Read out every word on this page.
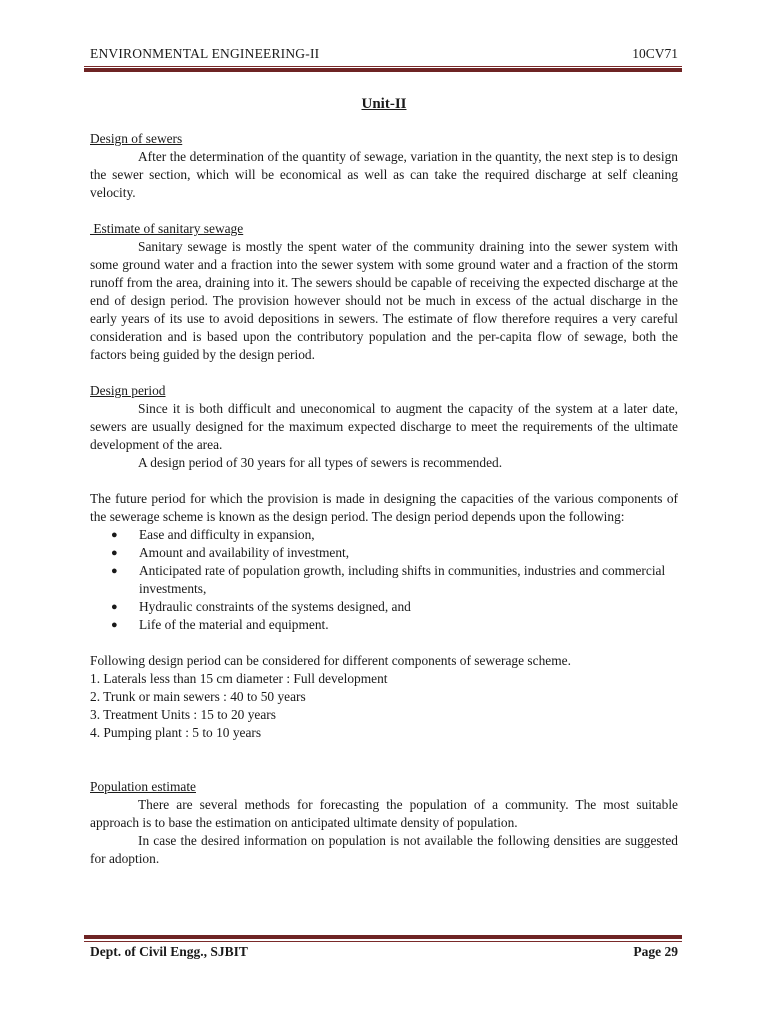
ENVIRONMENTAL ENGINEERING-II	10CV71
Unit-II

Design of sewers

After the determination of the quantity of sewage, variation in the quantity, the next step is to design the sewer section, which will be economical as well as can take the required discharge at self cleaning velocity.

Estimate of sanitary sewage

Sanitary sewage is mostly the spent water of the community draining into the sewer system with some ground water and a fraction into the sewer system with some ground water and a fraction of the storm runoff from the area, draining into it. The sewers should be capable of receiving the expected discharge at the end of design period. The provision however should not be much in excess of the actual discharge in the early years of its use to avoid depositions in sewers. The estimate of flow therefore requires a very careful consideration and is based upon the contributory population and the per-capita flow of sewage, both the factors being guided by the design period.

Design period

Since it is both difficult and uneconomical to augment the capacity of the system at a later date, sewers are usually designed for the maximum expected discharge to meet the requirements of the ultimate development of the area.

A design period of 30 years for all types of sewers is recommended.

The future period for which the provision is made in designing the capacities of the various components of the sewerage scheme is known as the design period. The design period depends upon the following:

● Ease and difficulty in expansion,
● Amount and availability of investment,
● Anticipated rate of population growth, including shifts in communities, industries and commercial investments,
● Hydraulic constraints of the systems designed, and
● Life of the material and equipment.

Following design period can be considered for different components of sewerage scheme.

1. Laterals less than 15 cm diameter : Full development
2. Trunk or main sewers : 40 to 50 years
3. Treatment Units : 15 to 20 years
4. Pumping plant : 5 to 10 years

Population estimate

There are several methods for forecasting the population of a community. The most suitable approach is to base the estimation on anticipated ultimate density of population.

In case the desired information on population is not available the following densities are suggested for adoption.

Dept. of Civil Engg., SJBIT	Page 29
